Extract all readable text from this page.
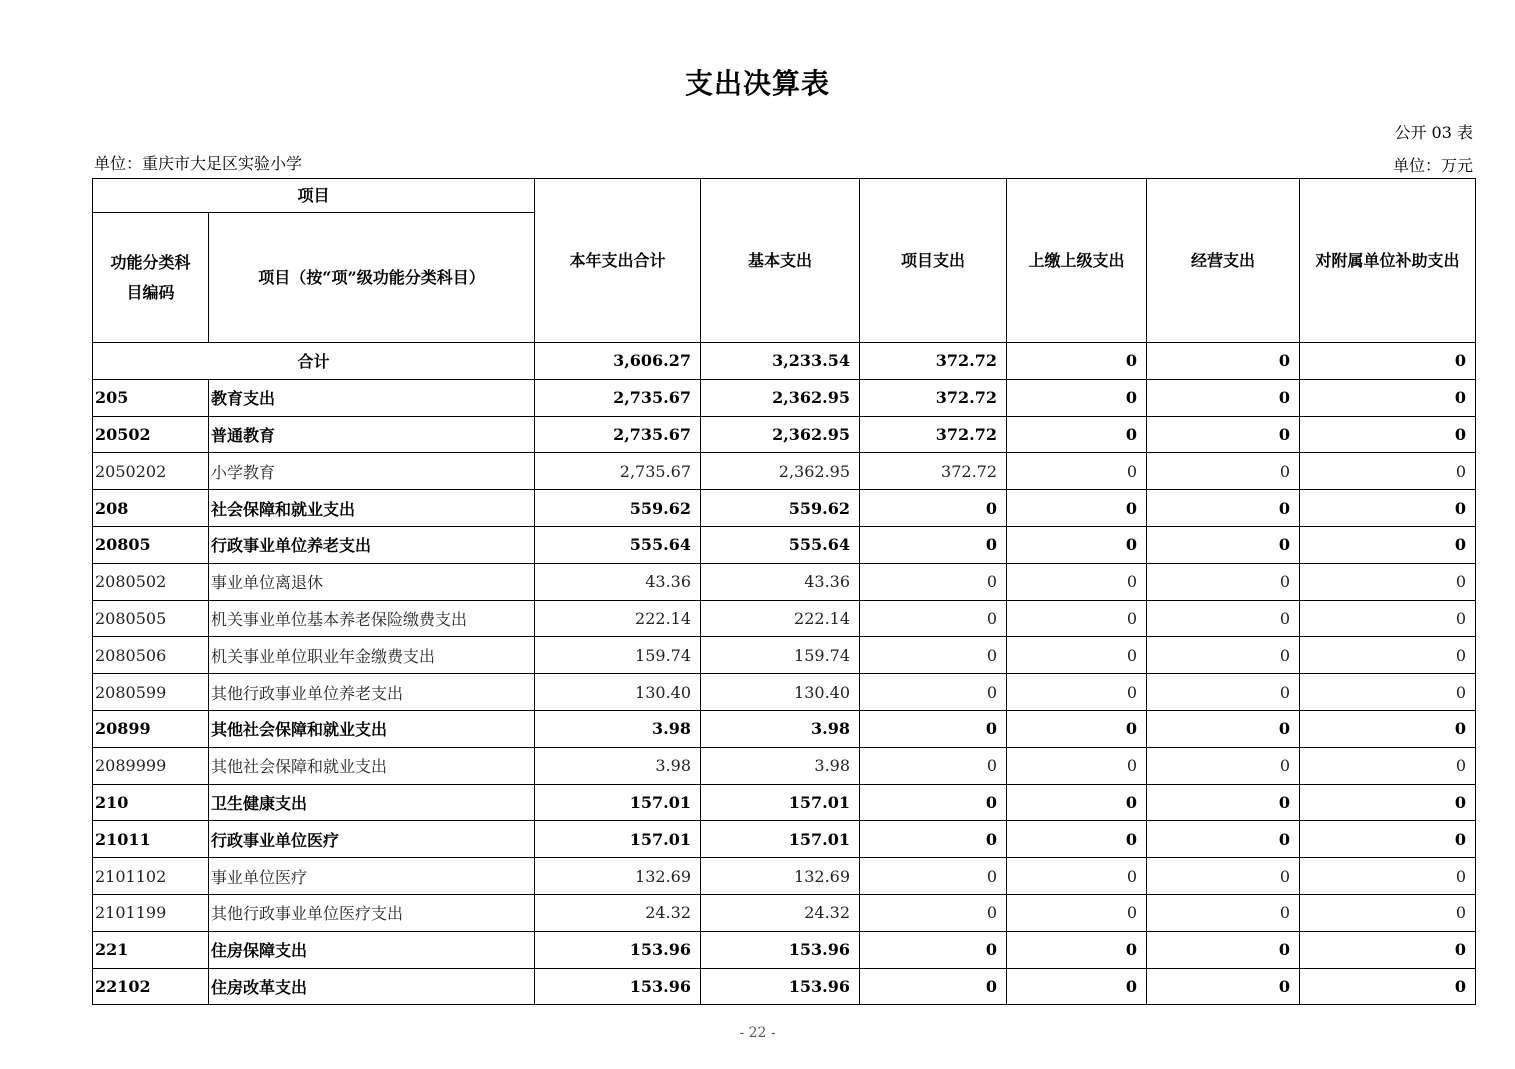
支出决算表
公开 03 表
单位：重庆市大足区实验小学	单位：万元
项目		本年支出合计	基本支出	项目支出	上缴上级支出	经营支出	对附属单位补助支出
功能分类科目编码	项目（按“项”级功能分类科目）						
合计		3,606.27	3,233.54	372.72	0	0	0
205	教育支出	2,735.67	2,362.95	372.72	0	0	0
20502	普通教育	2,735.67	2,362.95	372.72	0	0	0
2050202	小学教育	2,735.67	2,362.95	372.72	0	0	0
208	社会保障和就业支出	559.62	559.62	0	0	0	0
20805	行政事业单位养老支出	555.64	555.64	0	0	0	0
2080502	事业单位离退休	43.36	43.36	0	0	0	0
2080505	机关事业单位基本养老保险缴费支出	222.14	222.14	0	0	0	0
2080506	机关事业单位职业年金缴费支出	159.74	159.74	0	0	0	0
2080599	其他行政事业单位养老支出	130.40	130.40	0	0	0	0
20899	其他社会保障和就业支出	3.98	3.98	0	0	0	0
2089999	其他社会保障和就业支出	3.98	3.98	0	0	0	0
210	卫生健康支出	157.01	157.01	0	0	0	0
21011	行政事业单位医疗	157.01	157.01	0	0	0	0
2101102	事业单位医疗	132.69	132.69	0	0	0	0
2101199	其他行政事业单位医疗支出	24.32	24.32	0	0	0	0
221	住房保障支出	153.96	153.96	0	0	0	0
22102	住房改革支出	153.96	153.96	0	0	0	0
- 22 -
